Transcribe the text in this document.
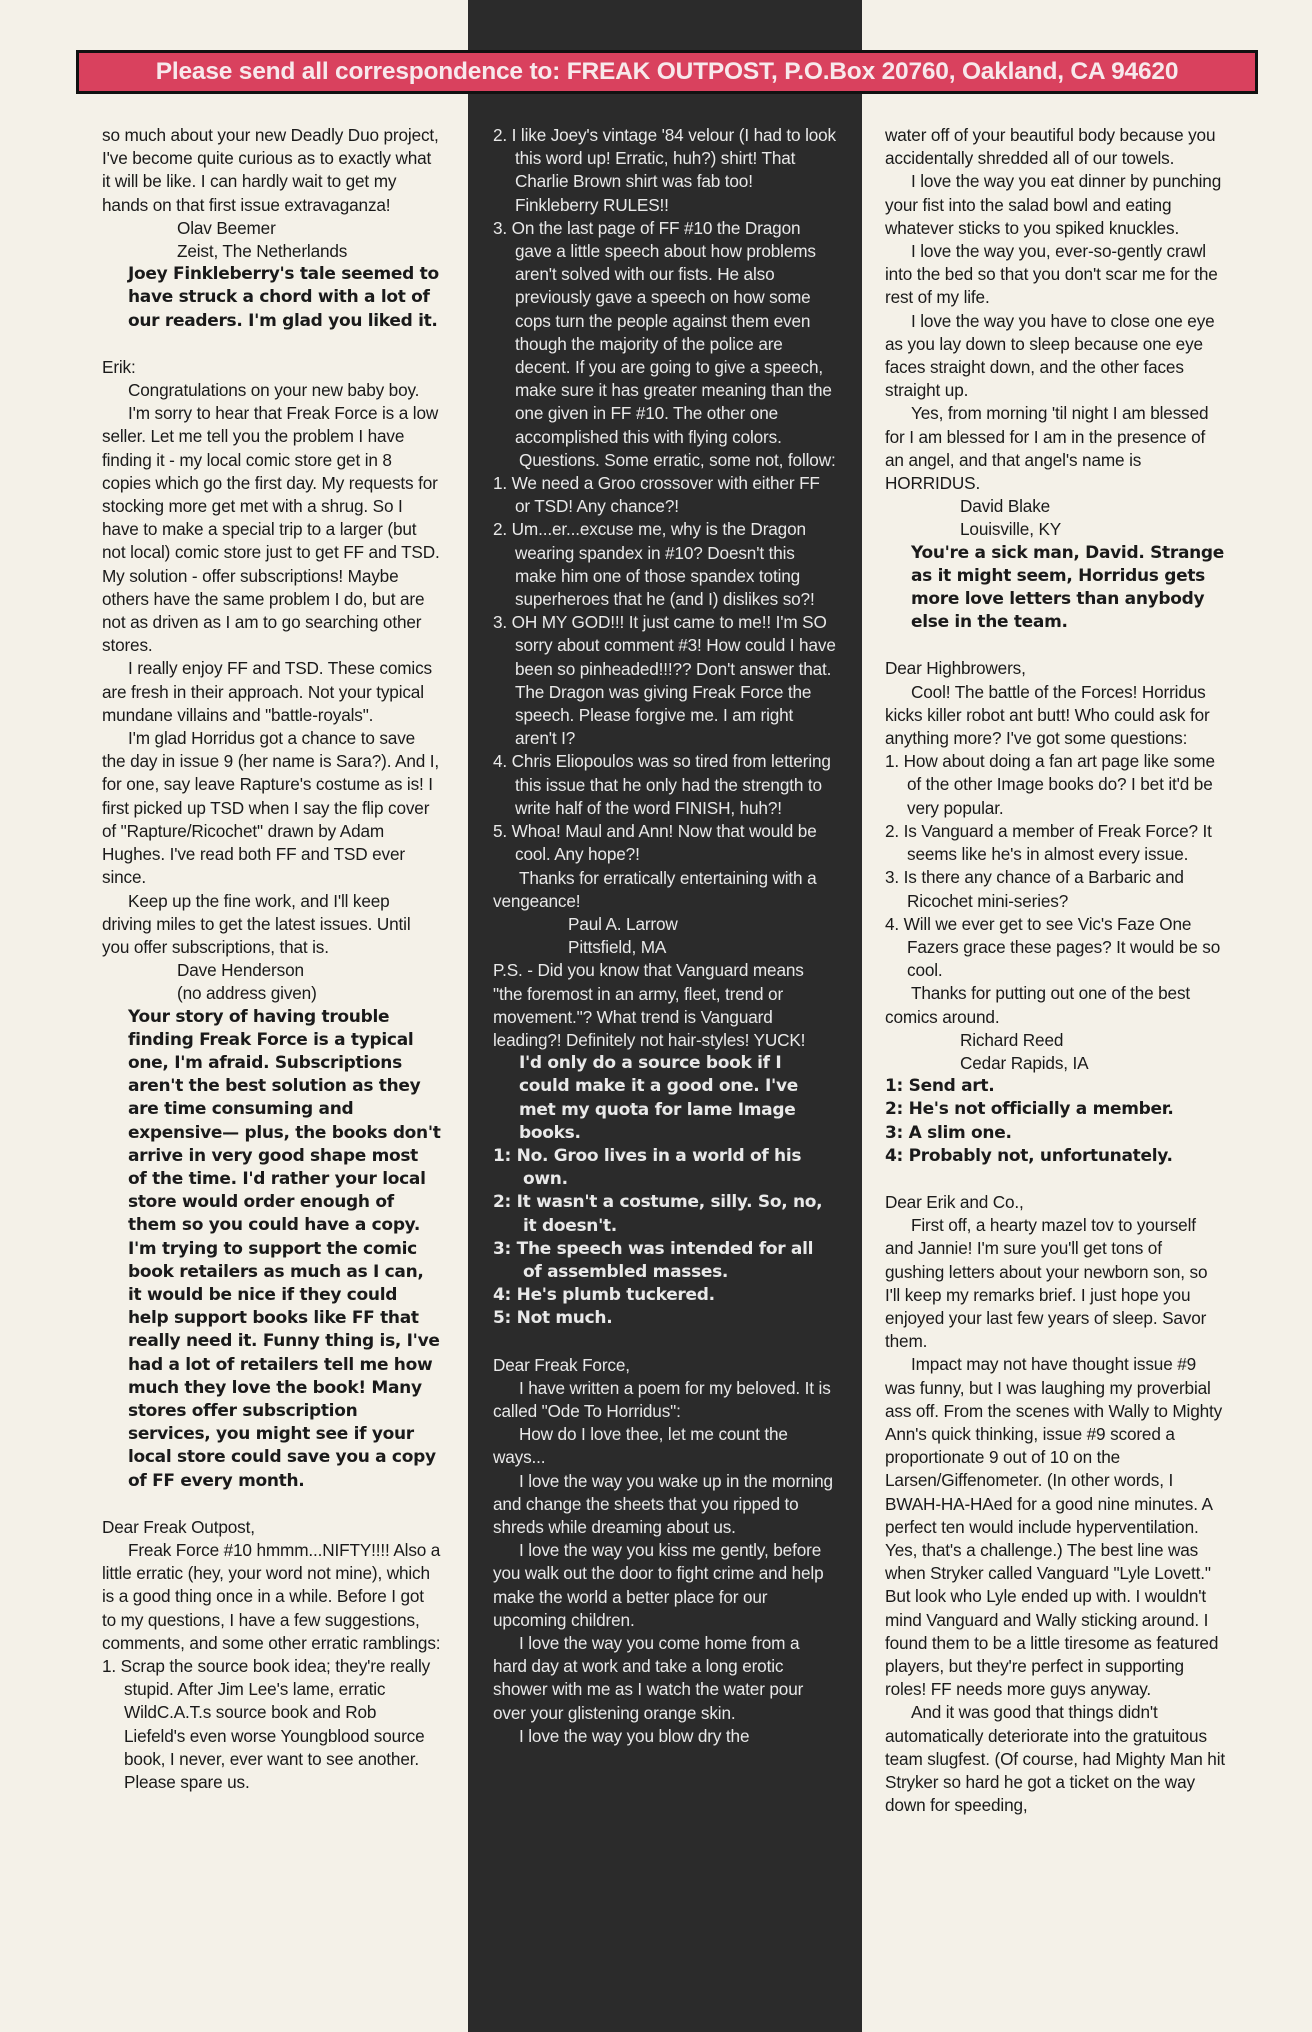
Please send all correspondence to: FREAK OUTPOST, P.O.Box 20760, Oakland, CA 94620

so much about your new Deadly Duo project, I've become quite curious as to exactly what it will be like. I can hardly wait to get my hands on that first issue extravaganza!

Olav Beemer

Zeist, The Netherlands

Joey Finkleberry's tale seemed to have struck a chord with a lot of our readers. I'm glad you liked it.

Erik:

Congratulations on your new baby boy.

I'm sorry to hear that Freak Force is a low seller. Let me tell you the problem I have finding it - my local comic store get in 8 copies which go the first day. My requests for stocking more get met with a shrug. So I have to make a special trip to a larger (but not local) comic store just to get FF and TSD. My solution - offer subscriptions! Maybe others have the same problem I do, but are not as driven as I am to go searching other stores.

I really enjoy FF and TSD. These comics are fresh in their approach. Not your typical mundane villains and "battle-royals".

I'm glad Horridus got a chance to save the day in issue 9 (her name is Sara?). And I, for one, say leave Rapture's costume as is! I first picked up TSD when I say the flip cover of "Rapture/Ricochet" drawn by Adam Hughes. I've read both FF and TSD ever since.

Keep up the fine work, and I'll keep driving miles to get the latest issues. Until you offer subscriptions, that is.

Dave Henderson

(no address given)

Your story of having trouble finding Freak Force is a typical one, I'm afraid. Subscriptions aren't the best solution as they are time consuming and expensive— plus, the books don't arrive in very good shape most of the time. I'd rather your local store would order enough of them so you could have a copy. I'm trying to support the comic book retailers as much as I can, it would be nice if they could help support books like FF that really need it. Funny thing is, I've had a lot of retailers tell me how much they love the book! Many stores offer subscription services, you might see if your local store could save you a copy of FF every month.

Dear Freak Outpost,

Freak Force #10 hmmm...NIFTY!!!! Also a little erratic (hey, your word not mine), which is a good thing once in a while. Before I got to my questions, I have a few suggestions, comments, and some other erratic ramblings:

1. Scrap the source book idea; they're really stupid. After Jim Lee's lame, erratic WildC.A.T.s source book and Rob Liefeld's even worse Youngblood source book, I never, ever want to see another. Please spare us.

2. I like Joey's vintage '84 velour (I had to look this word up! Erratic, huh?) shirt! That Charlie Brown shirt was fab too! Finkleberry RULES!!

3. On the last page of FF #10 the Dragon gave a little speech about how problems aren't solved with our fists. He also previously gave a speech on how some cops turn the people against them even though the majority of the police are decent. If you are going to give a speech, make sure it has greater meaning than the one given in FF #10. The other one accomplished this with flying colors.

Questions. Some erratic, some not, follow:

1. We need a Groo crossover with either FF or TSD! Any chance?!

2. Um...er...excuse me, why is the Dragon wearing spandex in #10? Doesn't this make him one of those spandex toting superheroes that he (and I) dislikes so?!

3. OH MY GOD!!! It just came to me!! I'm SO sorry about comment #3! How could I have been so pinheaded!!!?? Don't answer that. The Dragon was giving Freak Force the speech. Please forgive me. I am right aren't I?

4. Chris Eliopoulos was so tired from lettering this issue that he only had the strength to write half of the word FINISH, huh?!

5. Whoa! Maul and Ann! Now that would be cool. Any hope?!

Thanks for erratically entertaining with a vengeance!

Paul A. Larrow

Pittsfield, MA

P.S. - Did you know that Vanguard means "the foremost in an army, fleet, trend or movement."? What trend is Vanguard leading?! Definitely not hair-styles! YUCK!

I'd only do a source book if I could make it a good one. I've met my quota for lame Image books.

1: No. Groo lives in a world of his own.

2: It wasn't a costume, silly. So, no, it doesn't.

3: The speech was intended for all of assembled masses.

4: He's plumb tuckered.

5: Not much.

Dear Freak Force,

I have written a poem for my beloved. It is called "Ode To Horridus":

How do I love thee, let me count the ways...

I love the way you wake up in the morning and change the sheets that you ripped to shreds while dreaming about us.

I love the way you kiss me gently, before you walk out the door to fight crime and help make the world a better place for our upcoming children.

I love the way you come home from a hard day at work and take a long erotic shower with me as I watch the water pour over your glistening orange skin.

I love the way you blow dry the

water off of your beautiful body because you accidentally shredded all of our towels.

I love the way you eat dinner by punching your fist into the salad bowl and eating whatever sticks to you spiked knuckles.

I love the way you, ever-so-gently crawl into the bed so that you don't scar me for the rest of my life.

I love the way you have to close one eye as you lay down to sleep because one eye faces straight down, and the other faces straight up.

Yes, from morning 'til night I am blessed for I am blessed for I am in the presence of an angel, and that angel's name is HORRIDUS.

David Blake

Louisville, KY

You're a sick man, David. Strange as it might seem, Horridus gets more love letters than anybody else in the team.

Dear Highbrowers,

Cool! The battle of the Forces! Horridus kicks killer robot ant butt! Who could ask for anything more? I've got some questions:

1. How about doing a fan art page like some of the other Image books do? I bet it'd be very popular.

2. Is Vanguard a member of Freak Force? It seems like he's in almost every issue.

3. Is there any chance of a Barbaric and Ricochet mini-series?

4. Will we ever get to see Vic's Faze One Fazers grace these pages? It would be so cool.

Thanks for putting out one of the best comics around.

Richard Reed

Cedar Rapids, IA

1: Send art.

2: He's not officially a member.

3: A slim one.

4: Probably not, unfortunately.

Dear Erik and Co.,

First off, a hearty mazel tov to yourself and Jannie! I'm sure you'll get tons of gushing letters about your newborn son, so I'll keep my remarks brief. I just hope you enjoyed your last few years of sleep. Savor them.

Impact may not have thought issue #9 was funny, but I was laughing my proverbial ass off. From the scenes with Wally to Mighty Ann's quick thinking, issue #9 scored a proportionate 9 out of 10 on the Larsen/Giffenometer. (In other words, I BWAH-HA-HAed for a good nine minutes. A perfect ten would include hyperventilation. Yes, that's a challenge.) The best line was when Stryker called Vanguard "Lyle Lovett." But look who Lyle ended up with. I wouldn't mind Vanguard and Wally sticking around. I found them to be a little tiresome as featured players, but they're perfect in supporting roles! FF needs more guys anyway.

And it was good that things didn't automatically deteriorate into the gratuitous team slugfest. (Of course, had Mighty Man hit Stryker so hard he got a ticket on the way down for speeding,
